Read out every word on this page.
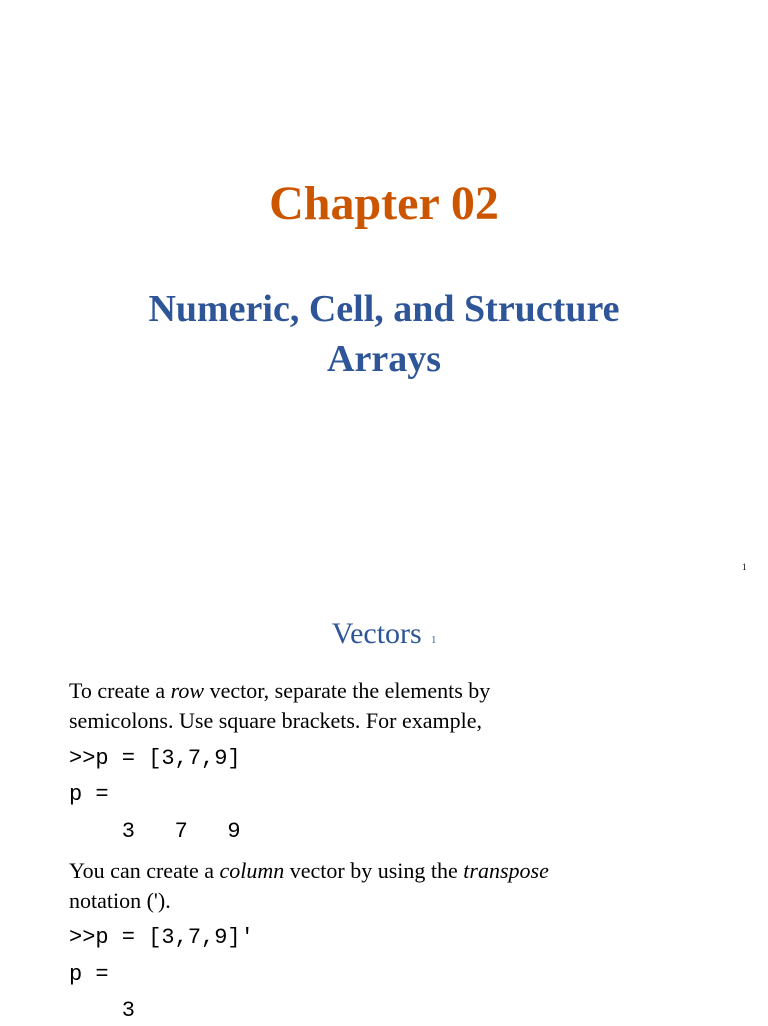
Chapter 02
Numeric, Cell, and Structure
Arrays
1
Vectors 1
To create a row vector, separate the elements by
semicolons. Use square brackets. For example,
>>p = [3,7,9]
p =
3   7   9
You can create a column vector by using the transpose
notation (').
>>p = [3,7,9]'
p =
3
